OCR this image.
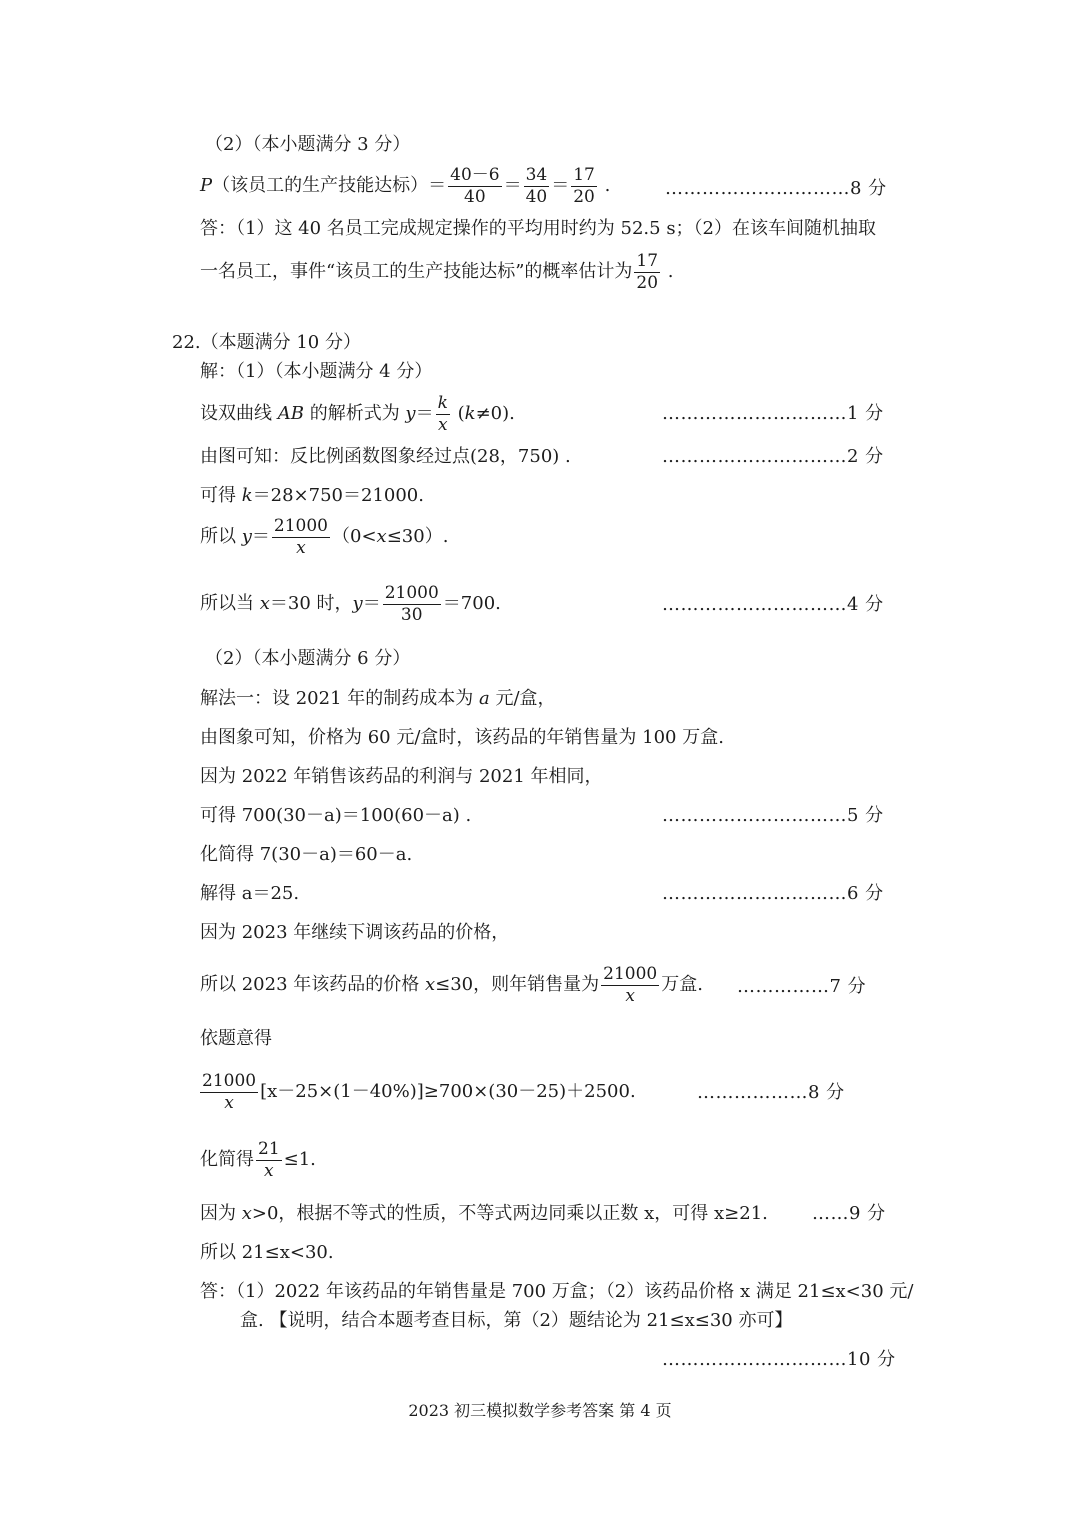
（2）（本小题满分 3 分）
P（该员工的生产技能达标）＝ $\frac{40-6}{40} = \frac{34}{40} = \frac{17}{20}$ .	…………………………8 分
答：（1）这 40 名员工完成规定操作的平均用时约为 52.5 s；（2）在该车间随机抽取
一名员工，事件“该员工的生产技能达标”的概率估计为 $\frac{17}{20}$ .
22.（本题满分 10 分）
解：（1）（本小题满分 4 分）
设双曲线 AB 的解析式为 $y= \frac{k}{x} (k\ne 0)$.	…………………………1 分
由图可知：反比例函数图象经过点(28，750) .	…………………………2 分
可得 k＝28×750＝21000.
所以 $y= \frac{21000}{x} (0<x\le 30)$.
所以当 x＝30 时，$y= \frac{21000}{30} =700$.	…………………………4 分
（2）（本小题满分 6 分）
解法一：设 2021 年的制药成本为 a 元/盒，
由图象可知，价格为 60 元/盒时，该药品的年销售量为 100 万盒.
因为 2022 年销售该药品的利润与 2021 年相同，
可得 700(30－a)＝100(60－a) .	…………………………5 分
化简得 7(30－a)＝60－a.
解得 a＝25.	…………………………6 分
因为 2023 年继续下调该药品的价格，
所以 2023 年该药品的价格 x≤30，则年销售量为 $\frac{21000}{x}$ 万盒. ……………7 分
依题意得
$\frac{21000}{x} [x-25\times(1-40\%)]\ge 700\times(30-25)+2500$.	………………8 分
化简得 $\frac{21}{x} \le 1$.
因为 x>0，根据不等式的性质，不等式两边同乘以正数 x，可得 x≥21. ……9 分
所以 21≤x<30.
答：（1）2022 年该药品的年销售量是 700 万盒；（2）该药品价格 x 满足 21≤x<30 元/
盒. 【说明，结合本题考查目标，第（2）题结论为 21≤x≤30 亦可】
…………………………10 分
2023 初三模拟数学参考答案 第 4 页
